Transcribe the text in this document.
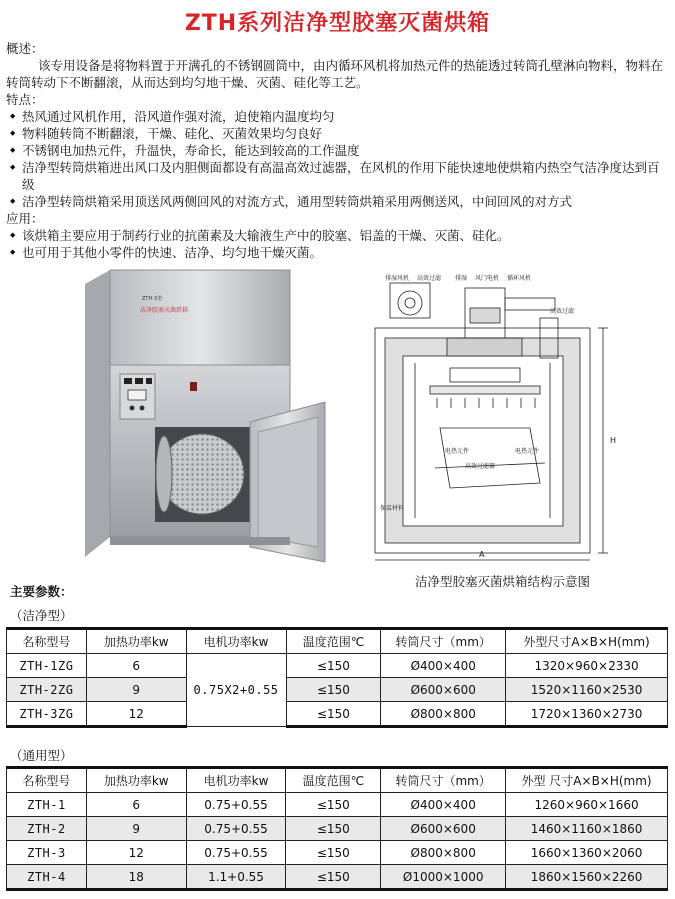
ZTH系列洁净型胶塞灭菌烘箱

概述：

该专用设备是将物料置于开满孔的不锈钢圆筒中，由内循环风机将加热元件的热能透过转筒孔壁淋向物料，物料在转筒转动下不断翻滚，从而达到均匀地干燥、灭菌、硅化等工艺。

特点：

◆ 热风通过风机作用，沿风道作强对流，迫使箱内温度均匀

◆ 物料随转筒不断翻滚，干燥、硅化、灭菌效果均匀良好

◆ 不锈钢电加热元件，升温快，寿命长，能达到较高的工作温度

◆ 洁净型转筒烘箱进出风口及内胆侧面都设有高温高效过滤器，在风机的作用下能快速地使烘箱内热空气洁净度达到百级

◆ 洁净型转筒烘箱采用顶送风两侧回风的对流方式，通用型转筒烘箱采用两侧送风，中间回风的对方式

应用：

◆ 该烘箱主要应用于制药行业的抗菌素及大输液生产中的胶塞、铝盖的干燥、灭菌、硅化。

◆ 也可用于其他小零件的快速、洁净、均匀地干燥灭菌。

ZTH-3型
洁净胶塞灭菌烘箱
排湿风机 高效过滤 排湿 风门电机 循环风机
高效过滤
电热元件	电热元件
高效过滤器
保温材料
A
H
洁净型胶塞灭菌烘箱结构示意图
主要参数：
（洁净型）
名称型号	加热功率kw	电机功率kw	温度范围℃	转筒尺寸（mm）	外型尺寸A×B×H(mm)
ZTH-1ZG	6	0.75X2+0.55	≤150	Ø400×400	1320×960×2330
ZTH-2ZG	9		≤150	Ø600×600	1520×1160×2530
ZTH-3ZG	12		≤150	Ø800×800	1720×1360×2730
（通用型）
名称型号	加热功率kw	电机功率kw	温度范围℃	转筒尺寸（mm）	外型 尺寸A×B×H(mm)
ZTH-1	6	0.75+0.55	≤150	Ø400×400	1260×960×1660
ZTH-2	9	0.75+0.55	≤150	Ø600×600	1460×1160×1860
ZTH-3	12	0.75+0.55	≤150	Ø800×800	1660×1360×2060
ZTH-4	18	1.1+0.55	≤150	Ø1000×1000	1860×1560×2260
